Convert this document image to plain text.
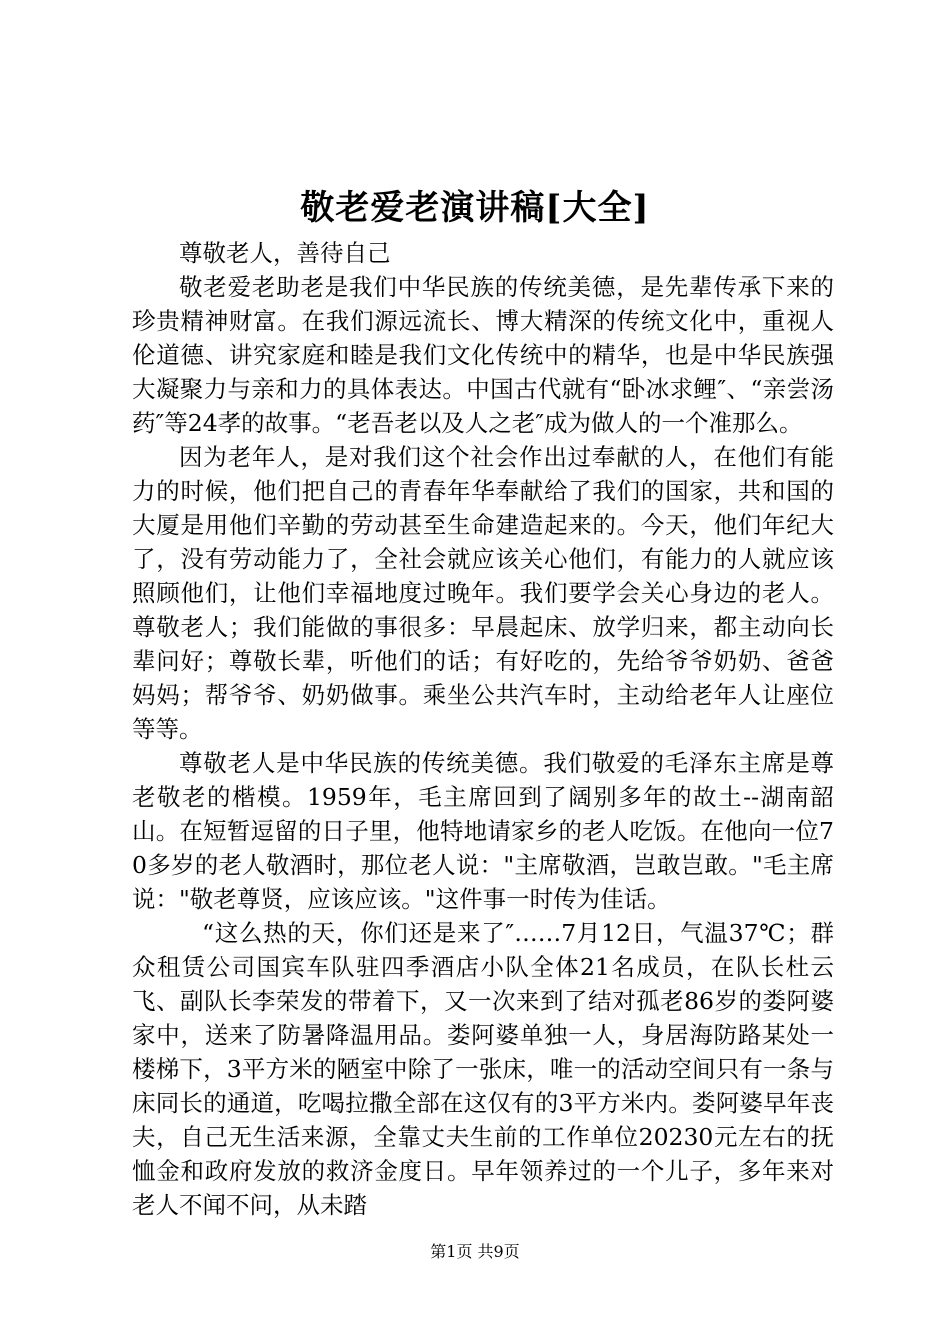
敬老爱老演讲稿[大全]

尊敬老人，善待自己

敬老爱老助老是我们中华民族的传统美德，是先辈传承下来的珍贵精神财富。在我们源远流长、博大精深的传统文化中，重视人伦道德、讲究家庭和睦是我们文化传统中的精华，也是中华民族强大凝聚力与亲和力的具体表达。中国古代就有“卧冰求鲤″、“亲尝汤药″等24孝的故事。“老吾老以及人之老″成为做人的一个准那么。

因为老年人，是对我们这个社会作出过奉献的人，在他们有能力的时候，他们把自己的青春年华奉献给了我们的国家，共和国的大厦是用他们辛勤的劳动甚至生命建造起来的。今天，他们年纪大了，没有劳动能力了，全社会就应该关心他们，有能力的人就应该照顾他们，让他们幸福地度过晚年。我们要学会关心身边的老人。尊敬老人；我们能做的事很多：早晨起床、放学归来，都主动向长辈问好；尊敬长辈，听他们的话；有好吃的，先给爷爷奶奶、爸爸妈妈；帮爷爷、奶奶做事。乘坐公共汽车时，主动给老年人让座位等等。

尊敬老人是中华民族的传统美德。我们敬爱的毛泽东主席是尊老敬老的楷模。1959年，毛主席回到了阔别多年的故土--湖南韶山。在短暂逗留的日子里，他特地请家乡的老人吃饭。在他向一位70多岁的老人敬酒时，那位老人说："主席敬酒，岂敢岂敢。"毛主席说："敬老尊贤，应该应该。"这件事一时传为佳话。

“这么热的天，你们还是来了″……7月12日，气温37℃；群众租赁公司国宾车队驻四季酒店小队全体21名成员，在队长杜云飞、副队长李荣发的带着下，又一次来到了结对孤老86岁的娄阿婆家中，送来了防暑降温用品。娄阿婆单独一人，身居海防路某处一楼梯下，3平方米的陋室中除了一张床，唯一的活动空间只有一条与床同长的通道，吃喝拉撒全部在这仅有的3平方米内。娄阿婆早年丧夫，自己无生活来源，全靠丈夫生前的工作单位20230元左右的抚恤金和政府发放的救济金度日。早年领养过的一个儿子，多年来对老人不闻不问，从未踏

第1页 共9页
